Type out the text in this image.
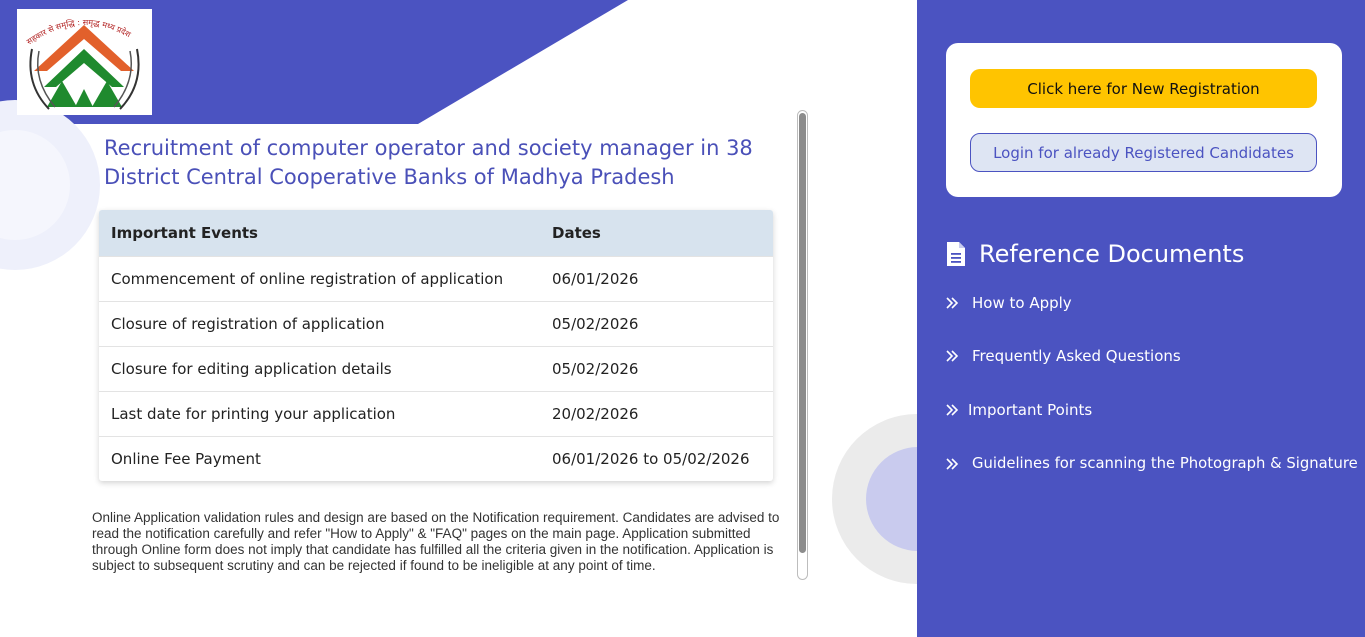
सहकार से समृद्धि : समृद्ध मध्य प्रदेश
Recruitment of computer operator and society manager in 38 District Central Cooperative Banks of Madhya Pradesh
Important Events	Dates
Commencement of online registration of application	06/01/2026
Closure of registration of application	05/02/2026
Closure for editing application details	05/02/2026
Last date for printing your application	20/02/2026
Online Fee Payment	06/01/2026 to 05/02/2026

Online Application validation rules and design are based on the Notification requirement. Candidates are advised to read the notification carefully and refer "How to Apply" & "FAQ" pages on the main page. Application submitted through Online form does not imply that candidate has fulfilled all the criteria given in the notification. Application is subject to subsequent scrutiny and can be rejected if found to be ineligible at any point of time.

Click here for New Registration
Login for already Registered Candidates
Reference Documents
How to Apply
Frequently Asked Questions
Important Points
Guidelines for scanning the Photograph & Signature
